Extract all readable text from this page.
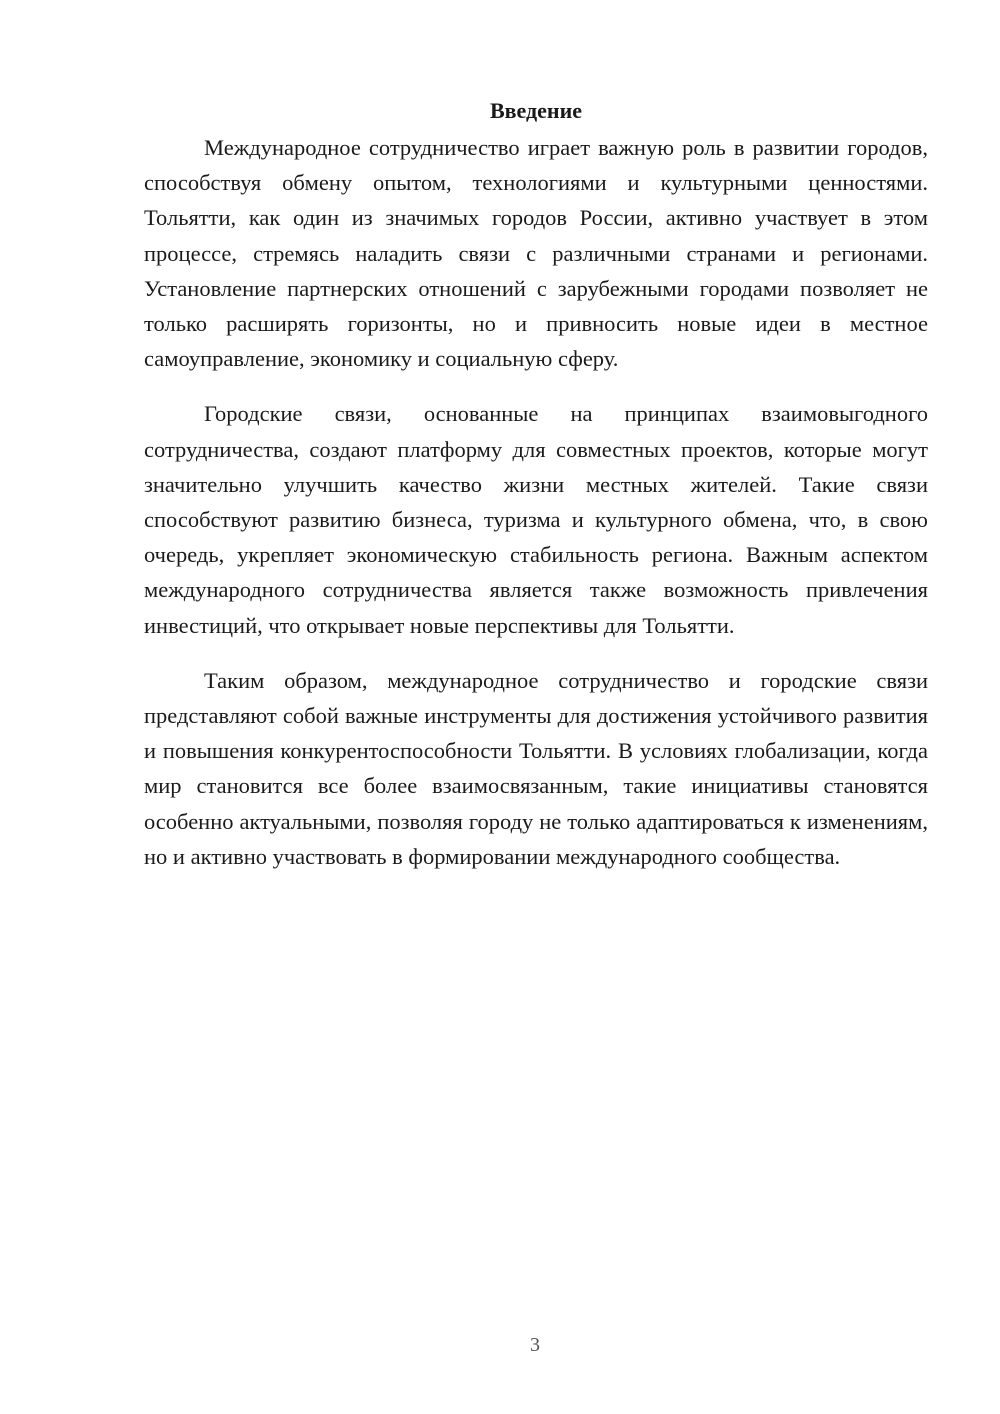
Введение

Международное сотрудничество играет важную роль в развитии городов, способствуя обмену опытом, технологиями и культурными ценностями. Тольятти, как один из значимых городов России, активно участвует в этом процессе, стремясь наладить связи с различными странами и регионами. Установление партнерских отношений с зарубежными городами позволяет не только расширять горизонты, но и привносить новые идеи в местное самоуправление, экономику и социальную сферу.

Городские связи, основанные на принципах взаимовыгодного сотрудничества, создают платформу для совместных проектов, которые могут значительно улучшить качество жизни местных жителей. Такие связи способствуют развитию бизнеса, туризма и культурного обмена, что, в свою очередь, укрепляет экономическую стабильность региона. Важным аспектом международного сотрудничества является также возможность привлечения инвестиций, что открывает новые перспективы для Тольятти.

Таким образом, международное сотрудничество и городские связи представляют собой важные инструменты для достижения устойчивого развития и повышения конкурентоспособности Тольятти. В условиях глобализации, когда мир становится все более взаимосвязанным, такие инициативы становятся особенно актуальными, позволяя городу не только адаптироваться к изменениям, но и активно участвовать в формировании международного сообщества.

3
